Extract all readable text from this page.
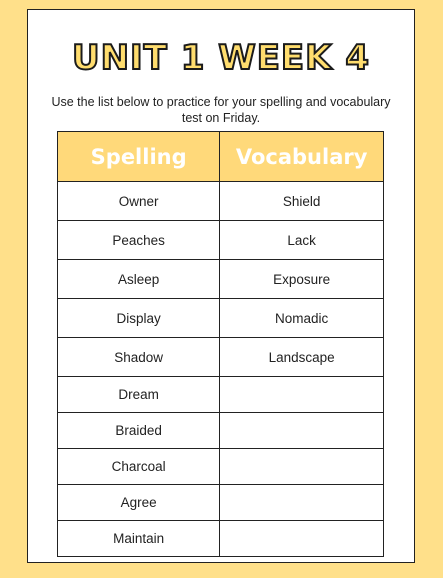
UNIT 1 WEEK 4
Use the list below to practice for your spelling and vocabulary test on Friday.
Spelling	Vocabulary
Owner	Shield
Peaches	Lack
Asleep	Exposure
Display	Nomadic
Shadow	Landscape
Dream	
Braided	
Charcoal	
Agree	
Maintain	
